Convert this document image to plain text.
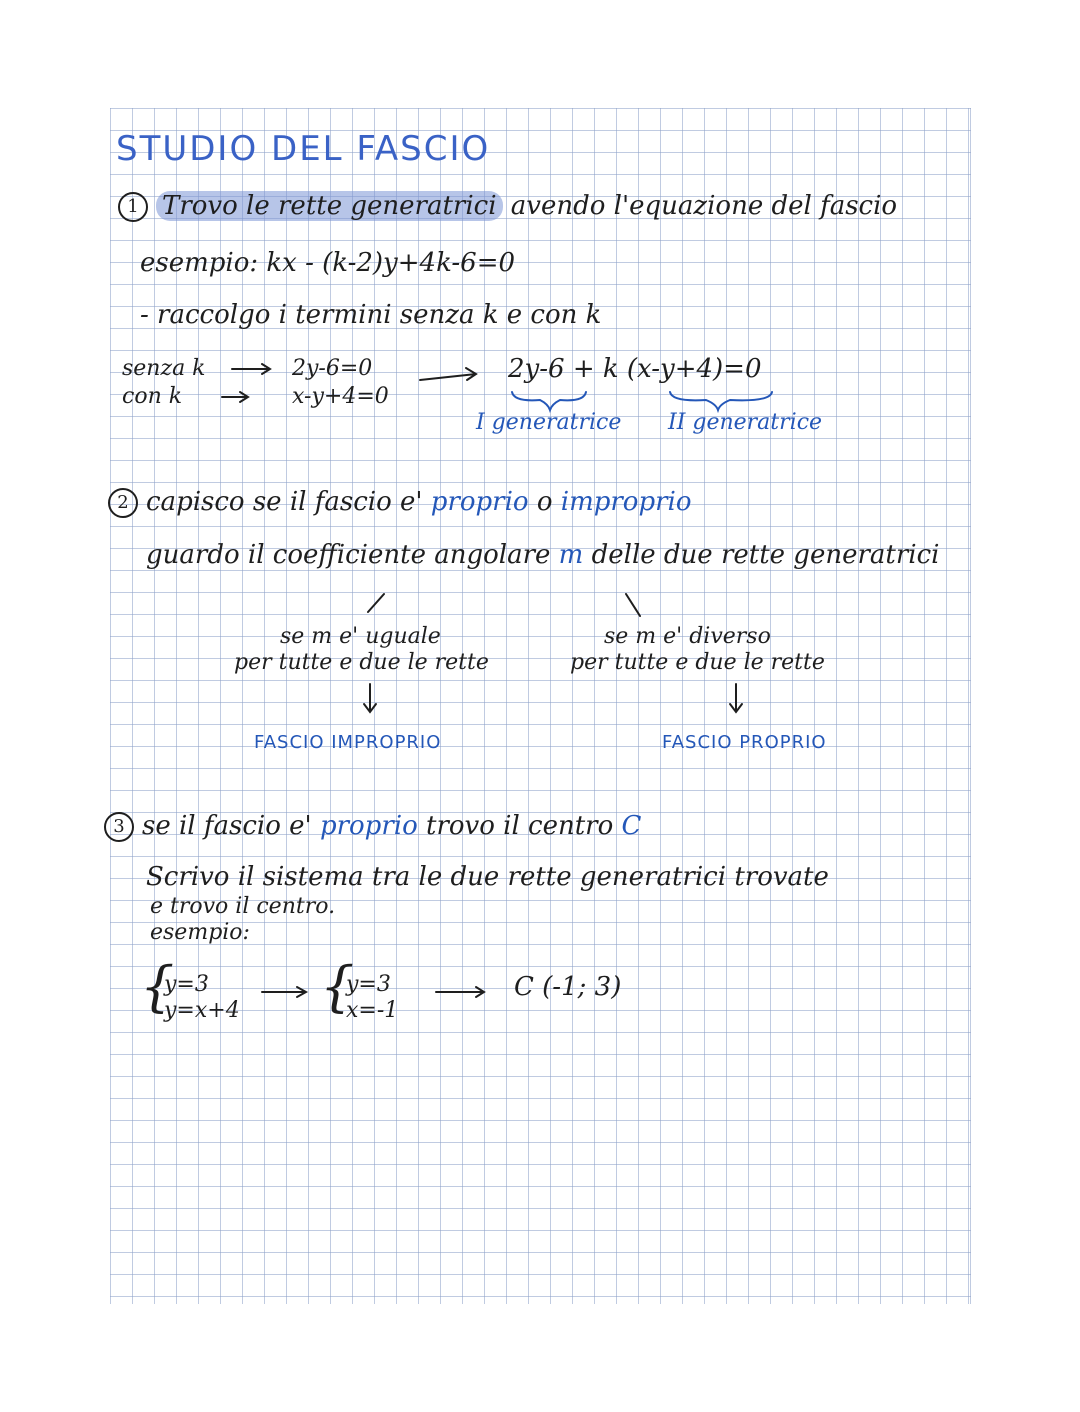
STUDIO DEL FASCIO
1 Trovo le rette generatrici avendo l'equazione del fascio
esempio: kx - (k-2)y+4k-6=0
- raccolgo i termini senza k e con k
senza k
con k
2y-6=0
x-y+4=0
2y-6 + k (x-y+4)=0
I generatrice II generatrice
2 capisco se il fascio e' proprio o improprio
guardo il coefficiente angolare m delle due rette generatrici
se m e' uguale
per tutte e due le rette
se m e' diverso
per tutte e due le rette
FASCIO IMPROPRIO	FASCIO PROPRIO
3 se il fascio e' proprio trovo il centro C
Scrivo il sistema tra le due rette generatrici trovate
e trovo il centro.
esempio:
{
y=3
y=x+4 {
y=3
x=-1
C (-1; 3)
